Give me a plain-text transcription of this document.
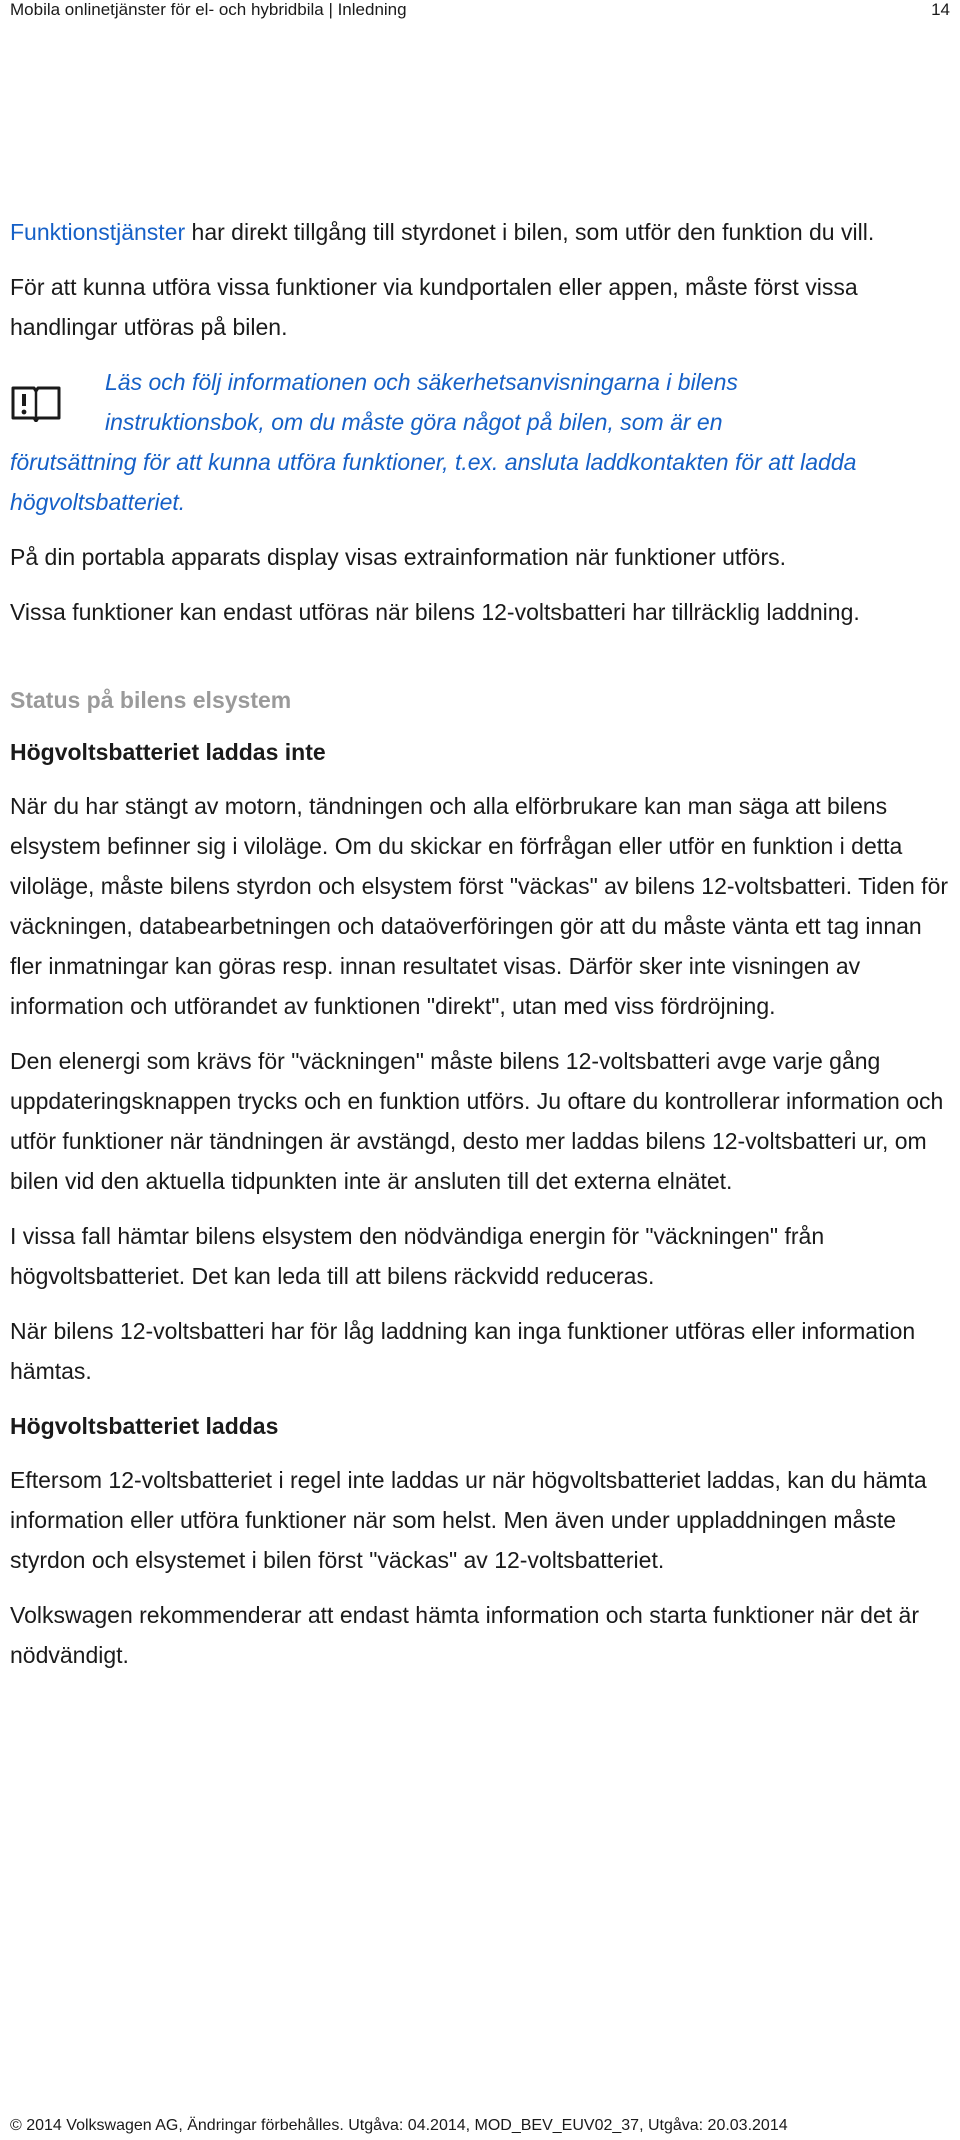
Mobila onlinetjänster för el- och hybridbila | Inledning	14

Funktionstjänster har direkt tillgång till styrdonet i bilen, som utför den funktion du vill.

För att kunna utföra vissa funktioner via kundportalen eller appen, måste först vissa handlingar utföras på bilen.

Läs och följ informationen och säkerhetsanvisningarna i bilens
instruktionsbok, om du måste göra något på bilen, som är en
förutsättning för att kunna utföra funktioner, t.ex. ansluta laddkontakten för att ladda högvoltsbatteriet.

På din portabla apparats display visas extrainformation när funktioner utförs.

Vissa funktioner kan endast utföras när bilens 12-voltsbatteri har tillräcklig laddning.

Status på bilens elsystem

Högvoltsbatteriet laddas inte

När du har stängt av motorn, tändningen och alla elförbrukare kan man säga att bilens elsystem befinner sig i viloläge. Om du skickar en förfrågan eller utför en funktion i detta viloläge, måste bilens styrdon och elsystem först "väckas" av bilens 12-voltsbatteri. Tiden för väckningen, databearbetningen och dataöverföringen gör att du måste vänta ett tag innan fler inmatningar kan göras resp. innan resultatet visas. Därför sker inte visningen av information och utförandet av funktionen "direkt", utan med viss fördröjning.

Den elenergi som krävs för "väckningen" måste bilens 12-voltsbatteri avge varje gång uppdateringsknappen trycks och en funktion utförs. Ju oftare du kontrollerar information och utför funktioner när tändningen är avstängd, desto mer laddas bilens 12-voltsbatteri ur, om bilen vid den aktuella tidpunkten inte är ansluten till det externa elnätet.

I vissa fall hämtar bilens elsystem den nödvändiga energin för "väckningen" från högvoltsbatteriet. Det kan leda till att bilens räckvidd reduceras.

När bilens 12-voltsbatteri har för låg laddning kan inga funktioner utföras eller information hämtas.

Högvoltsbatteriet laddas

Eftersom 12-voltsbatteriet i regel inte laddas ur när högvoltsbatteriet laddas, kan du hämta information eller utföra funktioner när som helst. Men även under uppladdningen måste styrdon och elsystemet i bilen först "väckas" av 12-voltsbatteriet.

Volkswagen rekommenderar att endast hämta information och starta funktioner när det är nödvändigt.

© 2014 Volkswagen AG, Ändringar förbehålles. Utgåva: 04.2014, MOD_BEV_EUV02_37, Utgåva: 20.03.2014
